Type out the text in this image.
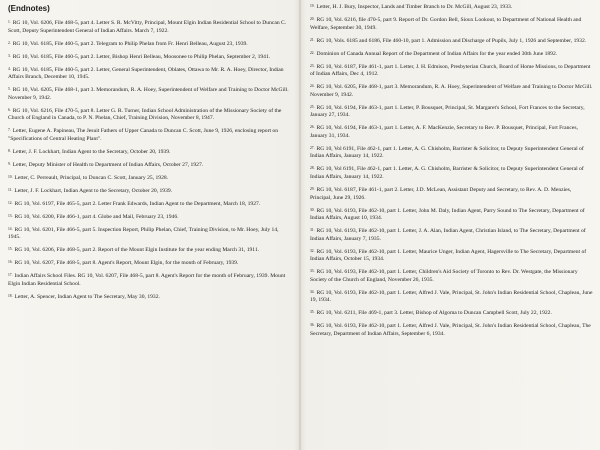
(Endnotes)
$^{1.}$ RG 10, Vol. 6206, File 468-5, part 4. Letter S. R. McVitty, Principal, Mount Elgin Indian Residential School to Duncan C. Scott, Deputy Superintendent General of Indian Affairs. March 7, 1922.
$^{2.}$ RG 10, Vol. 6185, File 460-5, part 2. Telegram to Philip Phelan from Fr. Henri Belleau, August 23, 1939.
$^{3.}$ RG 10, Vol. 6185, File 460-5, part 2. Letter, Bishop Henri Belleau, Moosonee to Philip Phelan, September 2, 1941.
$^{4.}$ RG 10, Vol. 6185, File 460-5, part 2. Letter, General Superintendent, Oblates, Ottawa to Mr. R. A. Hoey, Director, Indian Affairs Branch, December 10, 1945.
$^{5.}$ RG 10, Vol. 6205, File 468-1, part 3. Memorandum, R. A. Hoey, Superintendent of Welfare and Training to Doctor McGill. November 9, 1942.
$^{6.}$ RG 10, Vol. 6216, File 470-5, part 8. Letter G. R. Turner, Indian School Administration of the Missionary Society of the Church of England in Canada, to P. N. Phelan, Chief, Training Division, November 8, 1947.
$^{7.}$ Letter, Eugene A. Papineau, The Jesuit Fathers of Upper Canada to Duncan C. Scott, June 9, 1926, enclosing report on "Specifications of Central Heating Plant".
$^{8.}$ Letter, J. F. Lockhart, Indian Agent to the Secretary, October 20, 1939.
$^{9.}$ Letter, Deputy Minister of Health to Department of Indian Affairs, October 27, 1927.
$^{10.}$ Letter, C. Perreault, Principal, to Duncan C. Scott, January 25, 1928.
$^{11.}$ Letter, J. F. Lockhart, Indian Agent to the Secretary, October 20, 1939.
$^{12.}$ RG 10, Vol. 6197, File 465-5, part 2. Letter Frank Edwards, Indian Agent to the Department, March 18, 1927.
$^{13.}$ RG 10, Vol. 6200, File 466-1, part 4. Globe and Mail, February 23, 1946.
$^{14.}$ RG 10, Vol. 6201, File 466-5, part 5. Inspection Report, Philip Phelan, Chief, Training Division, to Mr. Hoey, July 14, 1945.
$^{15.}$ RG 10, Vol. 6206, File 468-5, part 2. Report of the Mount Elgin Institute for the year ending March 31, 1911.
$^{16.}$ RG 10, Vol. 6207, File 468-5, part 8. Agent's Report, Mount Elgin, for the month of February, 1939.
$^{17.}$ Indian Affairs School Files. RG 10, Vol. 6207, File 468-5, part 8. Agent's Report for the month of February, 1939. Mount Elgin Indian Residential School.
$^{18.}$ Letter, A. Spencer, Indian Agent to The Secretary, May 30, 1932.
$^{19.}$ Letter, H. J. Bury, Inspector, Lands and Timber Branch to Dr. McGill, August 23, 1933.
$^{20.}$ RG 10, Vol. 6216, file 470-5, part 9. Report of Dr. Gordon Bell, Sioux Lookout, to Department of National Health and Welfare, September 30, 1949.
$^{21.}$ RG 10, Vols. 6185 and 6186, File 460-10, part 1. Admission and Discharge of Pupils, July 1, 1926 and September, 1932.
$^{22.}$ Dominion of Canada Annual Report of the Department of Indian Affairs for the year ended 30th June 1892.
$^{23.}$ RG 10, Vol. 6187, File 461-1, part 1. Letter, J. H. Edmison, Presbyterian Church, Board of Home Missions, to Department of Indian Affairs, Dec 4, 1912.
$^{24.}$ RG 10, Vol. 6205, File 468-1, part 3. Memorandum, R. A. Hoey, Superintendent of Welfare and Training to Doctor McGill. November 9, 1942.
$^{25.}$ RG 10, Vol. 6194, File 463-1, part 1. Letter, P. Bousquet, Principal, St. Margaret's School, Fort Frances to the Secretary, January 27, 1934.
$^{26.}$ RG 10, Vol. 6194, File 463-1, part 1. Letter, A. F. MacKenzie, Secretary to Rev. P. Bousquet, Principal, Fort Frances, January 31, 1934.
$^{27.}$ RG 10, Vol 6191, File 462-1, part 1. Letter, A. G. Chisholm, Barrister & Solicitor, to Deputy Superintendent General of Indian Affairs, January 14, 1922.
$^{28.}$ RG 10, Vol 6191, File 462-1, part 1. Letter, A. G. Chisholm, Barrister & Solicitor, to Deputy Superintendent General of Indian Affairs, January 14, 1922.
$^{29.}$ RG 10, Vol. 6187, File 461-1, part 2. Letter, J.D. McLean, Assistant Deputy and Secretary, to Rev. A. D. Menzies, Principal, June 29, 1926.
$^{30.}$ RG 10, Vol. 6193, File 462-10, part 1. Letter, John M. Daly, Indian Agent, Parry Sound to The Secretary, Department of Indian Affairs, August 10, 1934.
$^{31.}$ RG 10, Vol. 6193, File 462-10, part 1. Letter, J. A. Alan, Indian Agent, Christian Island, to The Secretary, Department of Indian Affairs, January 7, 1935.
$^{32.}$ RG 10, Vol. 6193, File 462-10, part 1. Letter, Maurice Unger, Indian Agent, Hagersville to The Secretary, Department of Indian Affairs, October 15, 1934.
$^{33.}$ RG 10, Vol. 6193, File 462-10, part 1. Letter, Children's Aid Society of Toronto to Rev. Dr. Westgate, the Missionary Society of the Church of England, November 26, 1935.
$^{34.}$ RG 10, Vol. 6193, File 462-10, part 1. Letter, Alfred J. Vale, Principal, St. John's Indian Residential School, Chapleau, June 19, 1934.
$^{35.}$ RG 10, Vol. 6211, File 469-1, part 3. Letter, Bishop of Algoma to Duncan Campbell Scott, July 22, 1922.
$^{36.}$ RG 10, Vol. 6193, File 462-10, part 1. Letter, Alfred J. Vale, Principal, St. John's Indian Residential School, Chapleau, The Secretary, Department of Indian Affairs, September 6, 1934.
